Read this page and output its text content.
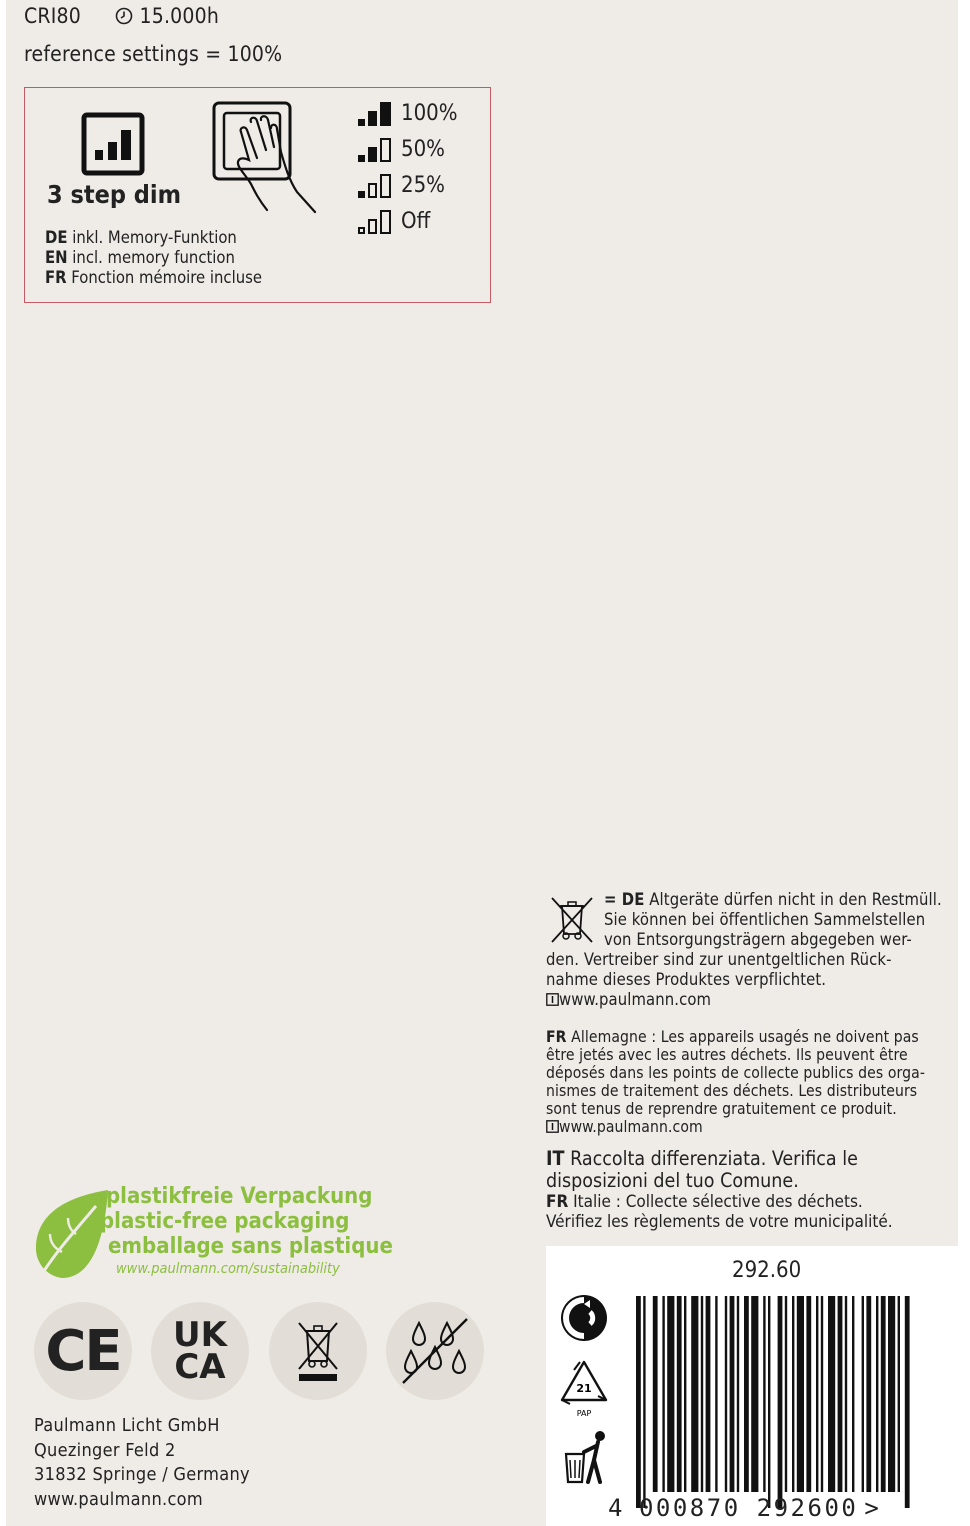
CRI80	15.000h
reference settings = 100%
3 step dim
100%
50%
25%
Off
DE inkl. Memory-Funktion
EN incl. memory function
FR Fonction mémoire incluse
= DE Altgeräte dürfen nicht in den Restmüll.
Sie können bei öffentlichen Sammelstellen
von Entsorgungsträgern abgegeben wer-
den. Vertreiber sind zur unentgeltlichen Rück-
nahme dieses Produktes verpflichtet.
www.paulmann.com
FR Allemagne : Les appareils usagés ne doivent pas
être jetés avec les autres déchets. Ils peuvent être
déposés dans les points de collecte publics des orga-
nismes de traitement des déchets. Les distributeurs
sont tenus de reprendre gratuitement ce produit.
www.paulmann.com
IT Raccolta differenziata. Verifica le
disposizioni del tuo Comune.
FR Italie : Collecte sélective des déchets.
Vérifiez les règlements de votre municipalité.
plastikfreie Verpackung
plastic-free packaging
emballage sans plastique
www.paulmann.com/sustainability
CE UK
CA
Paulmann Licht GmbH
Quezinger Feld 2
31832 Springe / Germany
www.paulmann.com
292.60
21
PAP
4 000870 292600 >
